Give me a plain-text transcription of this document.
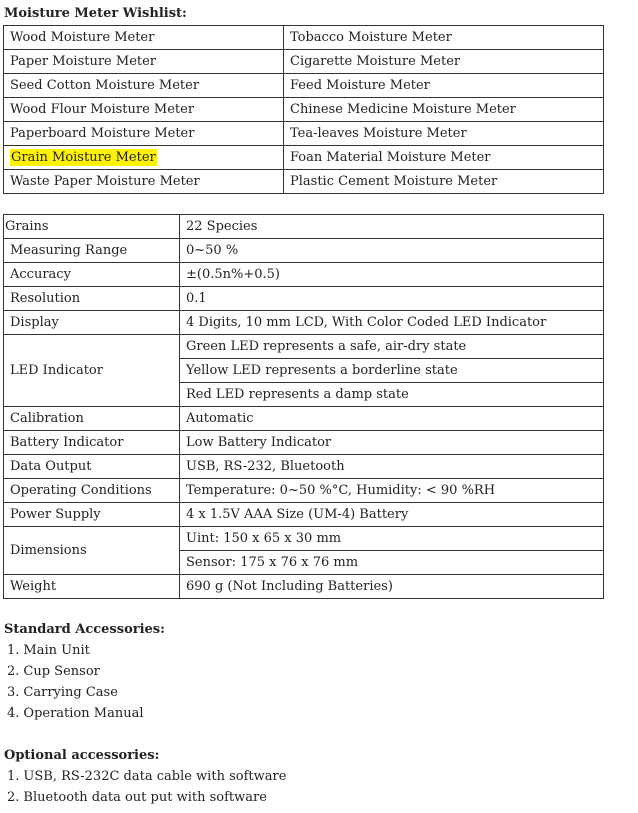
Moisture Meter Wishlist:
Wood Moisture Meter	Tobacco Moisture Meter
Paper Moisture Meter	Cigarette Moisture Meter
Seed Cotton Moisture Meter	Feed Moisture Meter
Wood Flour Moisture Meter	Chinese Medicine Moisture Meter
Paperboard Moisture Meter	Tea-leaves Moisture Meter
Grain Moisture Meter	Foan Material Moisture Meter
Waste Paper Moisture Meter	Plastic Cement Moisture Meter
Grains	22 Species
Measuring Range	0~50 %
Accuracy	±(0.5n%+0.5)
Resolution	0.1
Display	4 Digits, 10 mm LCD, With Color Coded LED Indicator
LED Indicator	Green LED represents a safe, air-dry state
	Yellow LED represents a borderline state
	Red LED represents a damp state
Calibration	Automatic
Battery Indicator	Low Battery Indicator
Data Output	USB, RS-232, Bluetooth
Operating Conditions	Temperature: 0~50 %°C, Humidity: < 90 %RH
Power Supply	4 x 1.5V AAA Size (UM-4) Battery
Dimensions	Uint: 150 x 65 x 30 mm
	Sensor: 175 x 76 x 76 mm
Weight	690 g (Not Including Batteries)
Standard Accessories:
1. Main Unit
2. Cup Sensor
3. Carrying Case
4. Operation Manual
Optional accessories:
1. USB, RS-232C data cable with software
2. Bluetooth data out put with software
